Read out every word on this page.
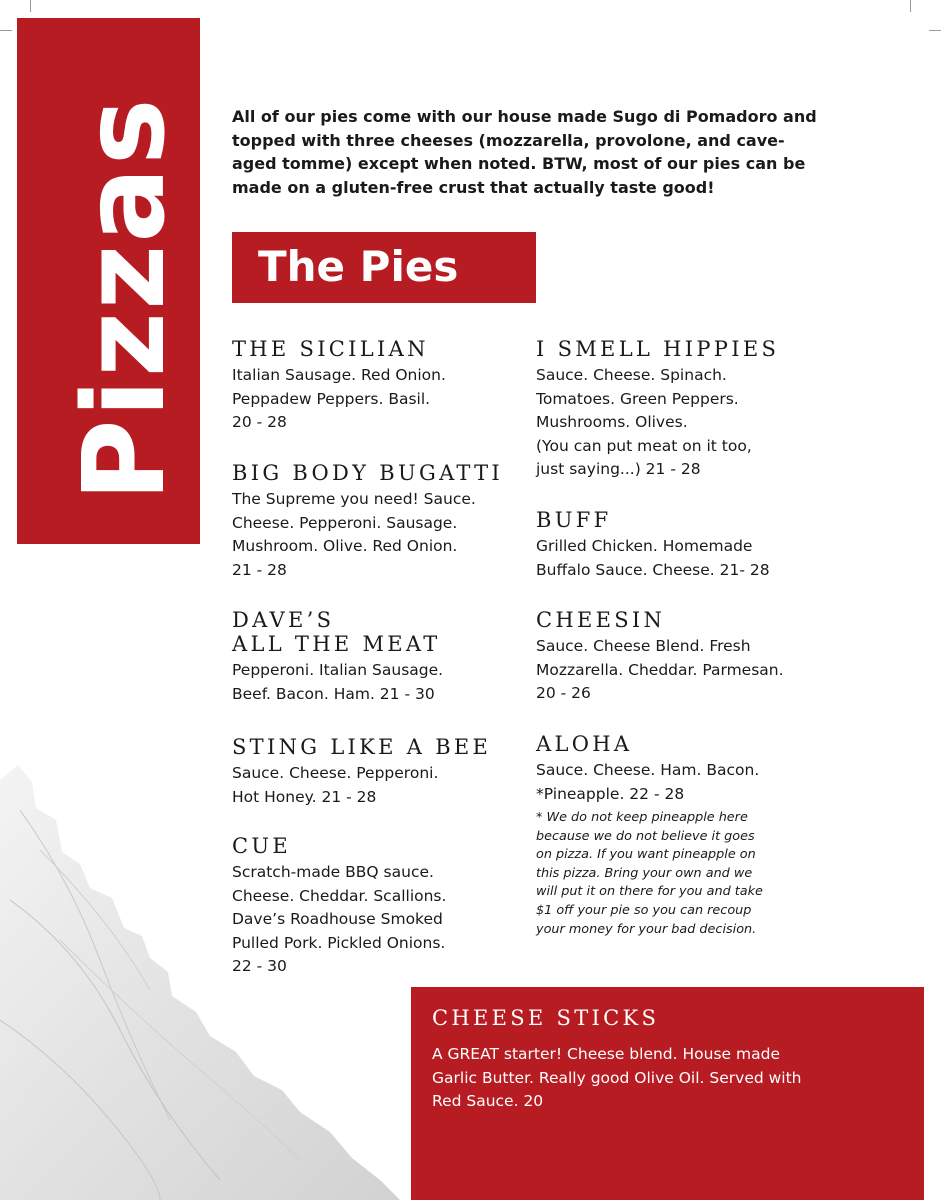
Pizzas	All of our pies come with our house made Sugo di Pomadoro and topped with three cheeses (mozzarella, provolone, and cave-aged tomme) except when noted. BTW, most of our pies can be made on a gluten-free crust that actually taste good!

The Pies
THE SICILIAN
Italian Sausage. Red Onion.
Peppadew Peppers. Basil.
20 - 28
BIG BODY BUGATTI
The Supreme you need! Sauce.
Cheese. Pepperoni. Sausage.
Mushroom. Olive. Red Onion.
21 - 28
DAVE’S
ALL THE MEAT
Pepperoni. Italian Sausage.
Beef. Bacon. Ham. 21 - 30
STING LIKE A BEE
Sauce. Cheese. Pepperoni.
Hot Honey. 21 - 28
CUE
Scratch-made BBQ sauce.
Cheese. Cheddar. Scallions.
Dave’s Roadhouse Smoked
Pulled Pork. Pickled Onions.
22 - 30
I SMELL HIPPIES
Sauce. Cheese. Spinach.
Tomatoes. Green Peppers.
Mushrooms. Olives.
(You can put meat on it too,
just saying...) 21 - 28
BUFF
Grilled Chicken. Homemade
Buffalo Sauce. Cheese. 21- 28
CHEESIN
Sauce. Cheese Blend. Fresh
Mozzarella. Cheddar. Parmesan.
20 - 26
ALOHA
Sauce. Cheese. Ham. Bacon.
*Pineapple. 22 - 28
* We do not keep pineapple here
because we do not believe it goes
on pizza. If you want pineapple on
this pizza. Bring your own and we
will put it on there for you and take
$1 off your pie so you can recoup
your money for your bad decision.
CHEESE STICKS
A GREAT starter! Cheese blend. House made
Garlic Butter. Really good Olive Oil. Served with
Red Sauce. 20
